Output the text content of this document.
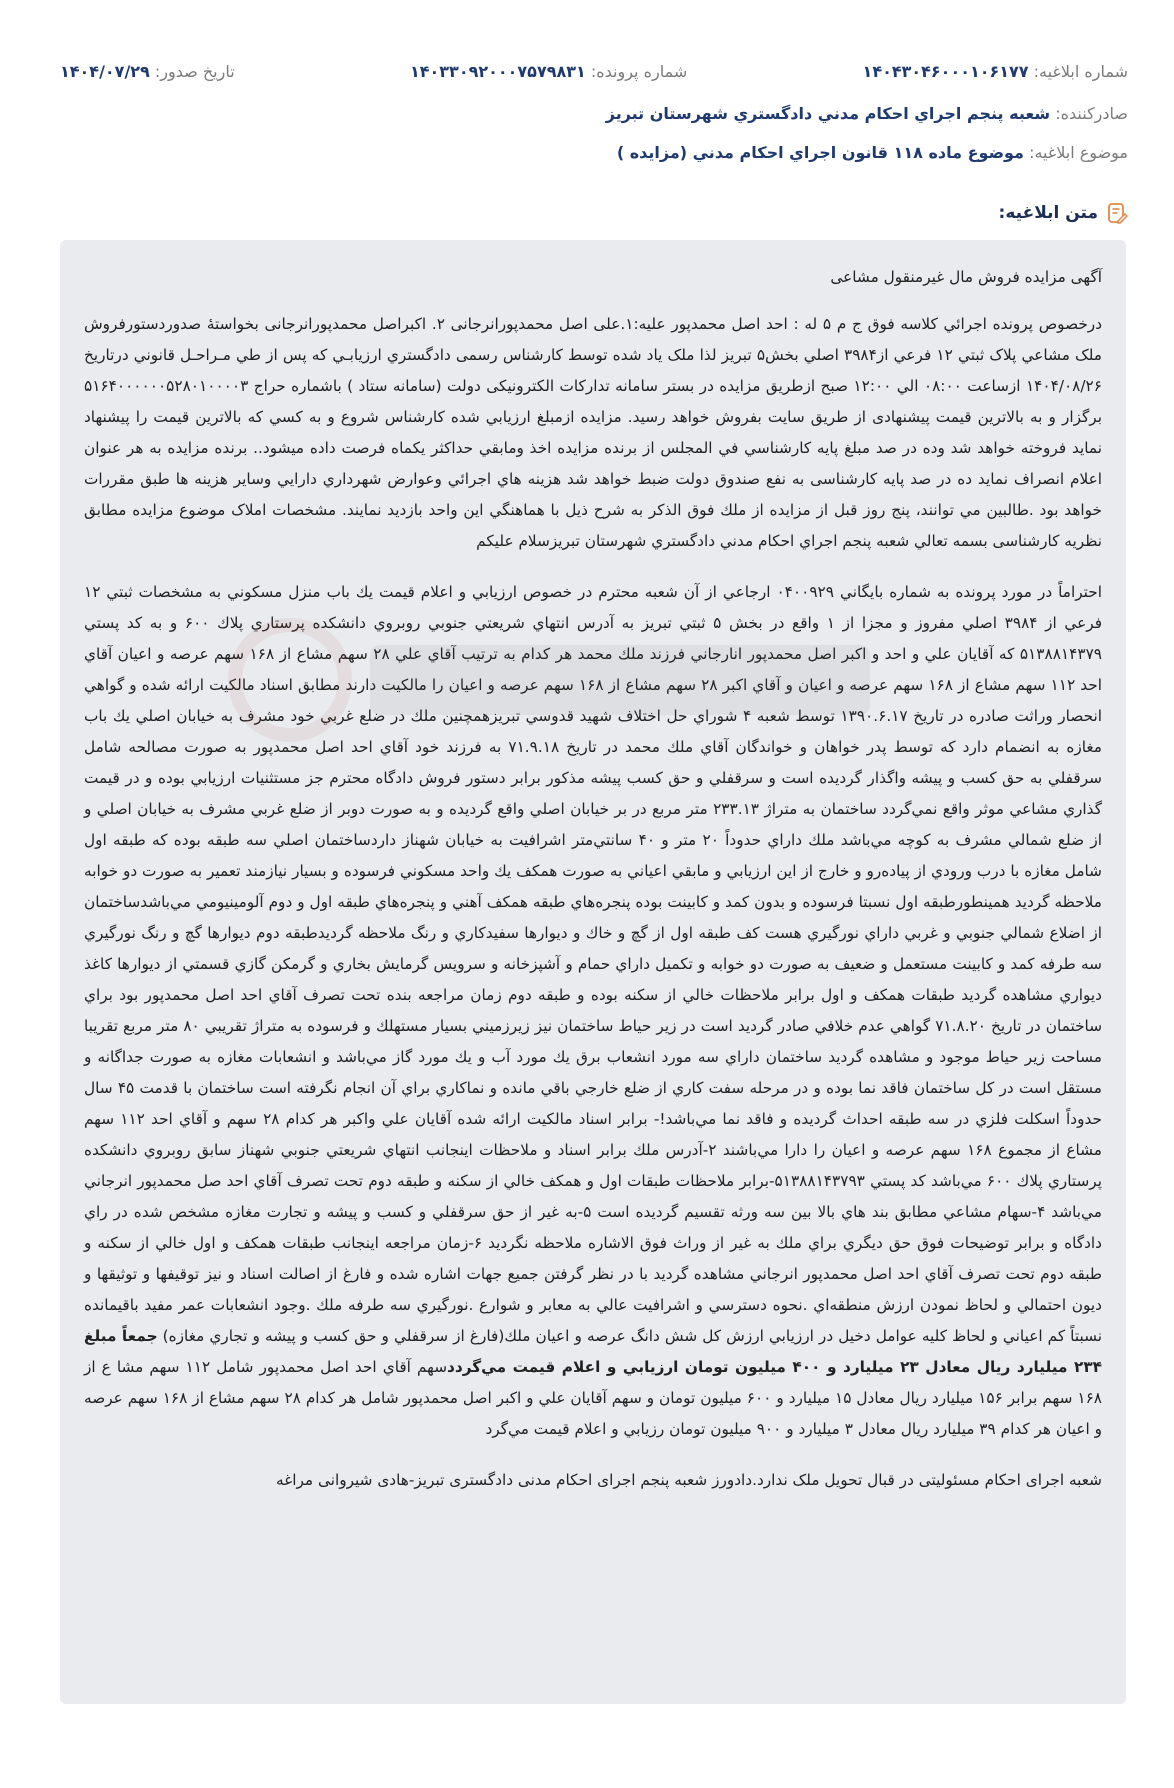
شماره ابلاغيه: ۱۴۰۴۳۰۴۶۰۰۰۱۰۶۱۷۷
شماره پرونده: ۱۴۰۳۳۰۹۲۰۰۰۷۵۷۹۸۳۱
تاريخ صدور: ۱۴۰۴/۰۷/۲۹
صادركننده: شعبه پنجم اجراي احكام مدني دادگستري شهرستان تبريز
موضوع ابلاغيه: موضوع ماده ۱۱۸ قانون اجراي احكام مدني (مزايده )
متن ابلاغيه:

آگهی مزایده فروش مال غیرمنقول مشاعی

درخصوص پرونده اجرائي كلاسه فوق ج م ۵ له : احد اصل محمدپور عليه:۱.علی اصل محمدپورانرجانی ۲. اکبراصل محمدپورانرجانی بخواستهٔ صدوردستورفروش ملک مشاعي پلاک ثبتي ۱۲ فرعي از۳۹۸۴ اصلي بخش۵ تبريز لذا ملک ياد شده توسط كارشناس رسمی دادگستري ارزيابـي كه پس از طي مـراحـل قانوني درتاريخ ۱۴۰۴/۰۸/۲۶ ازساعت ۰۸:۰۰ الي ۱۲:۰۰ صبح ازطريق مزايده در بستر سامانه تداركات الكترونيكى دولت (سامانه ستاد ) باشماره حراج ۵۱۶۴۰۰۰۰۰۰۵۲۸۰۱۰۰۰۰۳ برگزار و به بالاترین قیمت پیشنهادی از طريق سايت بفروش خواهد رسيد. مزايده ازمبلغ ارزيابي شده كارشناس شروع و به كسي كه بالاترين قيمت را پيشنهاد نمايد فروخته خواهد شد وده در صد مبلغ پايه كارشناسي في المجلس از برنده مزايده اخذ ومابقي حداكثر يكماه فرصت داده ميشود.. برنده مزايده به هر عنوان اعلام انصراف نمايد ده در صد پايه كارشناسى به نفع صندوق دولت ضبط خواهد شد هزينه هاي اجرائي وعوارض شهرداري دارايي وساير هزينه ها طبق مقررات خواهد بود .طالبين مي توانند، پنج روز قبل از مزايده از ملك فوق الذكر به شرح ذيل با هماهنگي اين واحد بازديد نمايند. مشخصات املاک موضوع مزايده مطابق نظريه كارشناسی بسمه تعالي شعبه پنجم اجراي احكام مدني دادگستري شهرستان تبريزسلام عليكم

احتراماً در مورد پرونده به شماره بايگاني ۰۴۰۰۹۲۹ ارجاعي از آن شعبه محترم در خصوص ارزيابي و اعلام قيمت يك باب منزل مسكوني به مشخصات ثبتي ۱۲ فرعي از ۳۹۸۴ اصلي مفروز و مجزا از ۱ واقع در بخش ۵ ثبتي تبريز به آدرس انتهاي شريعتي جنوبي روبروي دانشكده پرستاري پلاك ۶۰۰ و به كد پستي ۵۱۳۸۸۱۴۳۷۹ كه آقايان علي و احد و اكبر اصل محمدپور انارجاني فرزند ملك محمد هر كدام به ترتيب آقاي علي ۲۸ سهم مشاع از ۱۶۸ سهم عرصه و اعيان آقاي احد ۱۱۲ سهم مشاع از ۱۶۸ سهم عرصه و اعيان و آقاي اكبر ۲۸ سهم مشاع از ۱۶۸ سهم عرصه و اعيان را مالكيت دارند مطابق اسناد مالكيت ارائه شده و گواهي انحصار وراثت صادره در تاريخ ۱۳۹۰.۶.۱۷ توسط شعبه ۴ شوراي حل اختلاف شهيد قدوسي تبريزهمچنين ملك در ضلع غربي خود مشرف به خيابان اصلي يك باب مغازه به انضمام دارد كه توسط پدر خواهان و خواندگان آقاي ملك محمد در تاريخ ۷۱.۹.۱۸ به فرزند خود آقاي احد اصل محمدپور به صورت مصالحه شامل سرقفلي به حق كسب و پيشه واگذار گرديده است و سرقفلي و حق كسب پيشه مذكور برابر دستور فروش دادگاه محترم جز مستثنيات ارزيابي بوده و در قيمت گذاري مشاعي موثر واقع نمي‌گردد ساختمان به متراژ ۲۳۳.۱۳ متر مربع در بر خيابان اصلي واقع گرديده و به صورت دوبر از ضلع غربي مشرف به خيابان اصلي و از ضلع شمالي مشرف به كوچه مي‌باشد ملك داراي حدوداً ۲۰ متر و ۴۰ سانتي‌متر اشرافيت به خيابان شهناز داردساختمان اصلي سه طبقه بوده كه طبقه اول شامل مغازه با درب ورودي از پياده‌رو و خارج از اين ارزيابي و مابقي اعياني به صورت همكف يك واحد مسكوني فرسوده و بسيار نيازمند تعمير به صورت دو خوابه ملاحظه گرديد همينطورطبقه اول نسبتا فرسوده و بدون كمد و كابينت بوده پنجره‌هاي طبقه همكف آهني و پنجره‌هاي طبقه اول و دوم آلومينيومي مي‌باشدساختمان از اضلاع شمالي جنوبي و غربي داراي نورگيري هست كف طبقه اول از گچ و خاك و ديوارها سفيدكاري و رنگ ملاحظه گرديدطبقه دوم ديوارها گچ و رنگ نورگيري سه طرفه كمد و كابينت مستعمل و ضعيف به صورت دو خوابه و تكميل داراي حمام و آشپزخانه و سرويس گرمايش بخاري و گرمكن گازي قسمتي از ديوارها كاغذ ديواري مشاهده گرديد طبقات همكف و اول برابر ملاحظات خالي از سكنه بوده و طبقه دوم زمان مراجعه بنده تحت تصرف آقاي احد اصل محمدپور بود براي ساختمان در تاريخ ۷۱.۸.۲۰ گواهي عدم خلافي صادر گرديد است در زير حياط ساختمان نيز زيرزميني بسيار مستهلك و فرسوده به متراژ تقريبي ۸۰ متر مربع تقريبا مساحت زير حياط موجود و مشاهده گرديد ساختمان داراي سه مورد انشعاب برق يك مورد آب و يك مورد گاز مي‌باشد و انشعابات مغازه به صورت جداگانه و مستقل است در كل ساختمان فاقد نما بوده و در مرحله سفت كاري از ضلع خارجي باقي مانده و نماكاري براي آن انجام نگرفته است ساختمان با قدمت ۴۵ سال حدوداً اسكلت فلزي در سه طبقه احداث گرديده و فاقد نما مي‌باشد!- برابر اسناد مالكيت ارائه شده آقايان علي واكبر هر كدام ۲۸ سهم و آقاي احد ۱۱۲ سهم مشاع از مجموع ۱۶۸ سهم عرصه و اعيان را دارا مي‌باشند ۲-آدرس ملك برابر اسناد و ملاحظات اينجانب انتهاي شريعتي جنوبي شهناز سابق روبروي دانشكده پرستاري پلاك ۶۰۰ مي‌باشد كد پستي ۵۱۳۸۸۱۴۳۷۹۳-برابر ملاحظات طبقات اول و همكف خالي از سكنه و طبقه دوم تحت تصرف آقاي احد صل محمدپور انرجاني مي‌باشد ۴-سهام مشاعي مطابق بند هاي بالا بين سه ورثه تقسيم گرديده است ۵-به غير از حق سرقفلي و كسب و پيشه و تجارت مغازه مشخص شده در راي دادگاه و برابر توضيحات فوق حق ديگري براي ملك به غير از وراث فوق الاشاره ملاحظه نگرديد ۶-زمان مراجعه اينجانب طبقات همكف و اول خالي از سكنه و طبقه دوم تحت تصرف آقاي احد اصل محمدپور انرجاني مشاهده گرديد با در نظر گرفتن جميع جهات اشاره شده و فارغ از اصالت اسناد و نيز توقيفها و توثيقها و ديون احتمالي و لحاظ نمودن ارزش منطقه‌اي .نحوه دسترسي و اشرافيت عالي به معابر و شوارع .نورگيري سه طرفه ملك .وجود انشعابات عمر مفيد باقيمانده نسبتاً كم اعياني و لحاظ كليه عوامل دخيل در ارزيابي ارزش كل شش دانگ عرصه و اعيان ملك(فارغ از سرقفلي و حق كسب و پيشه و تجاري مغازه) جمعاً مبلغ ۲۳۴ ميليارد ريال معادل ۲۳ ميليارد و ۴۰۰ ميليون تومان ارزيابي و اعلام قيمت مي‌گرددسهم آقاي احد اصل محمدپور شامل ۱۱۲ سهم مشا ع از ۱۶۸ سهم برابر ۱۵۶ ميليارد ريال معادل ۱۵ ميليارد و ۶۰۰ ميليون تومان و سهم آقايان علي و اكبر اصل محمدپور شامل هر كدام ۲۸ سهم مشاع از ۱۶۸ سهم عرصه و اعيان هر كدام ۳۹ ميليارد ريال معادل ۳ ميليارد و ۹۰۰ ميليون تومان رزيابي و اعلام قيمت مي‌گرد

شعبه اجرای احکام مسئولیتی در قبال تحویل ملک ندارد.دادورز شعبه پنجم اجرای احکام مدنی دادگستری تبریز-هادی شیروانی مراغه
